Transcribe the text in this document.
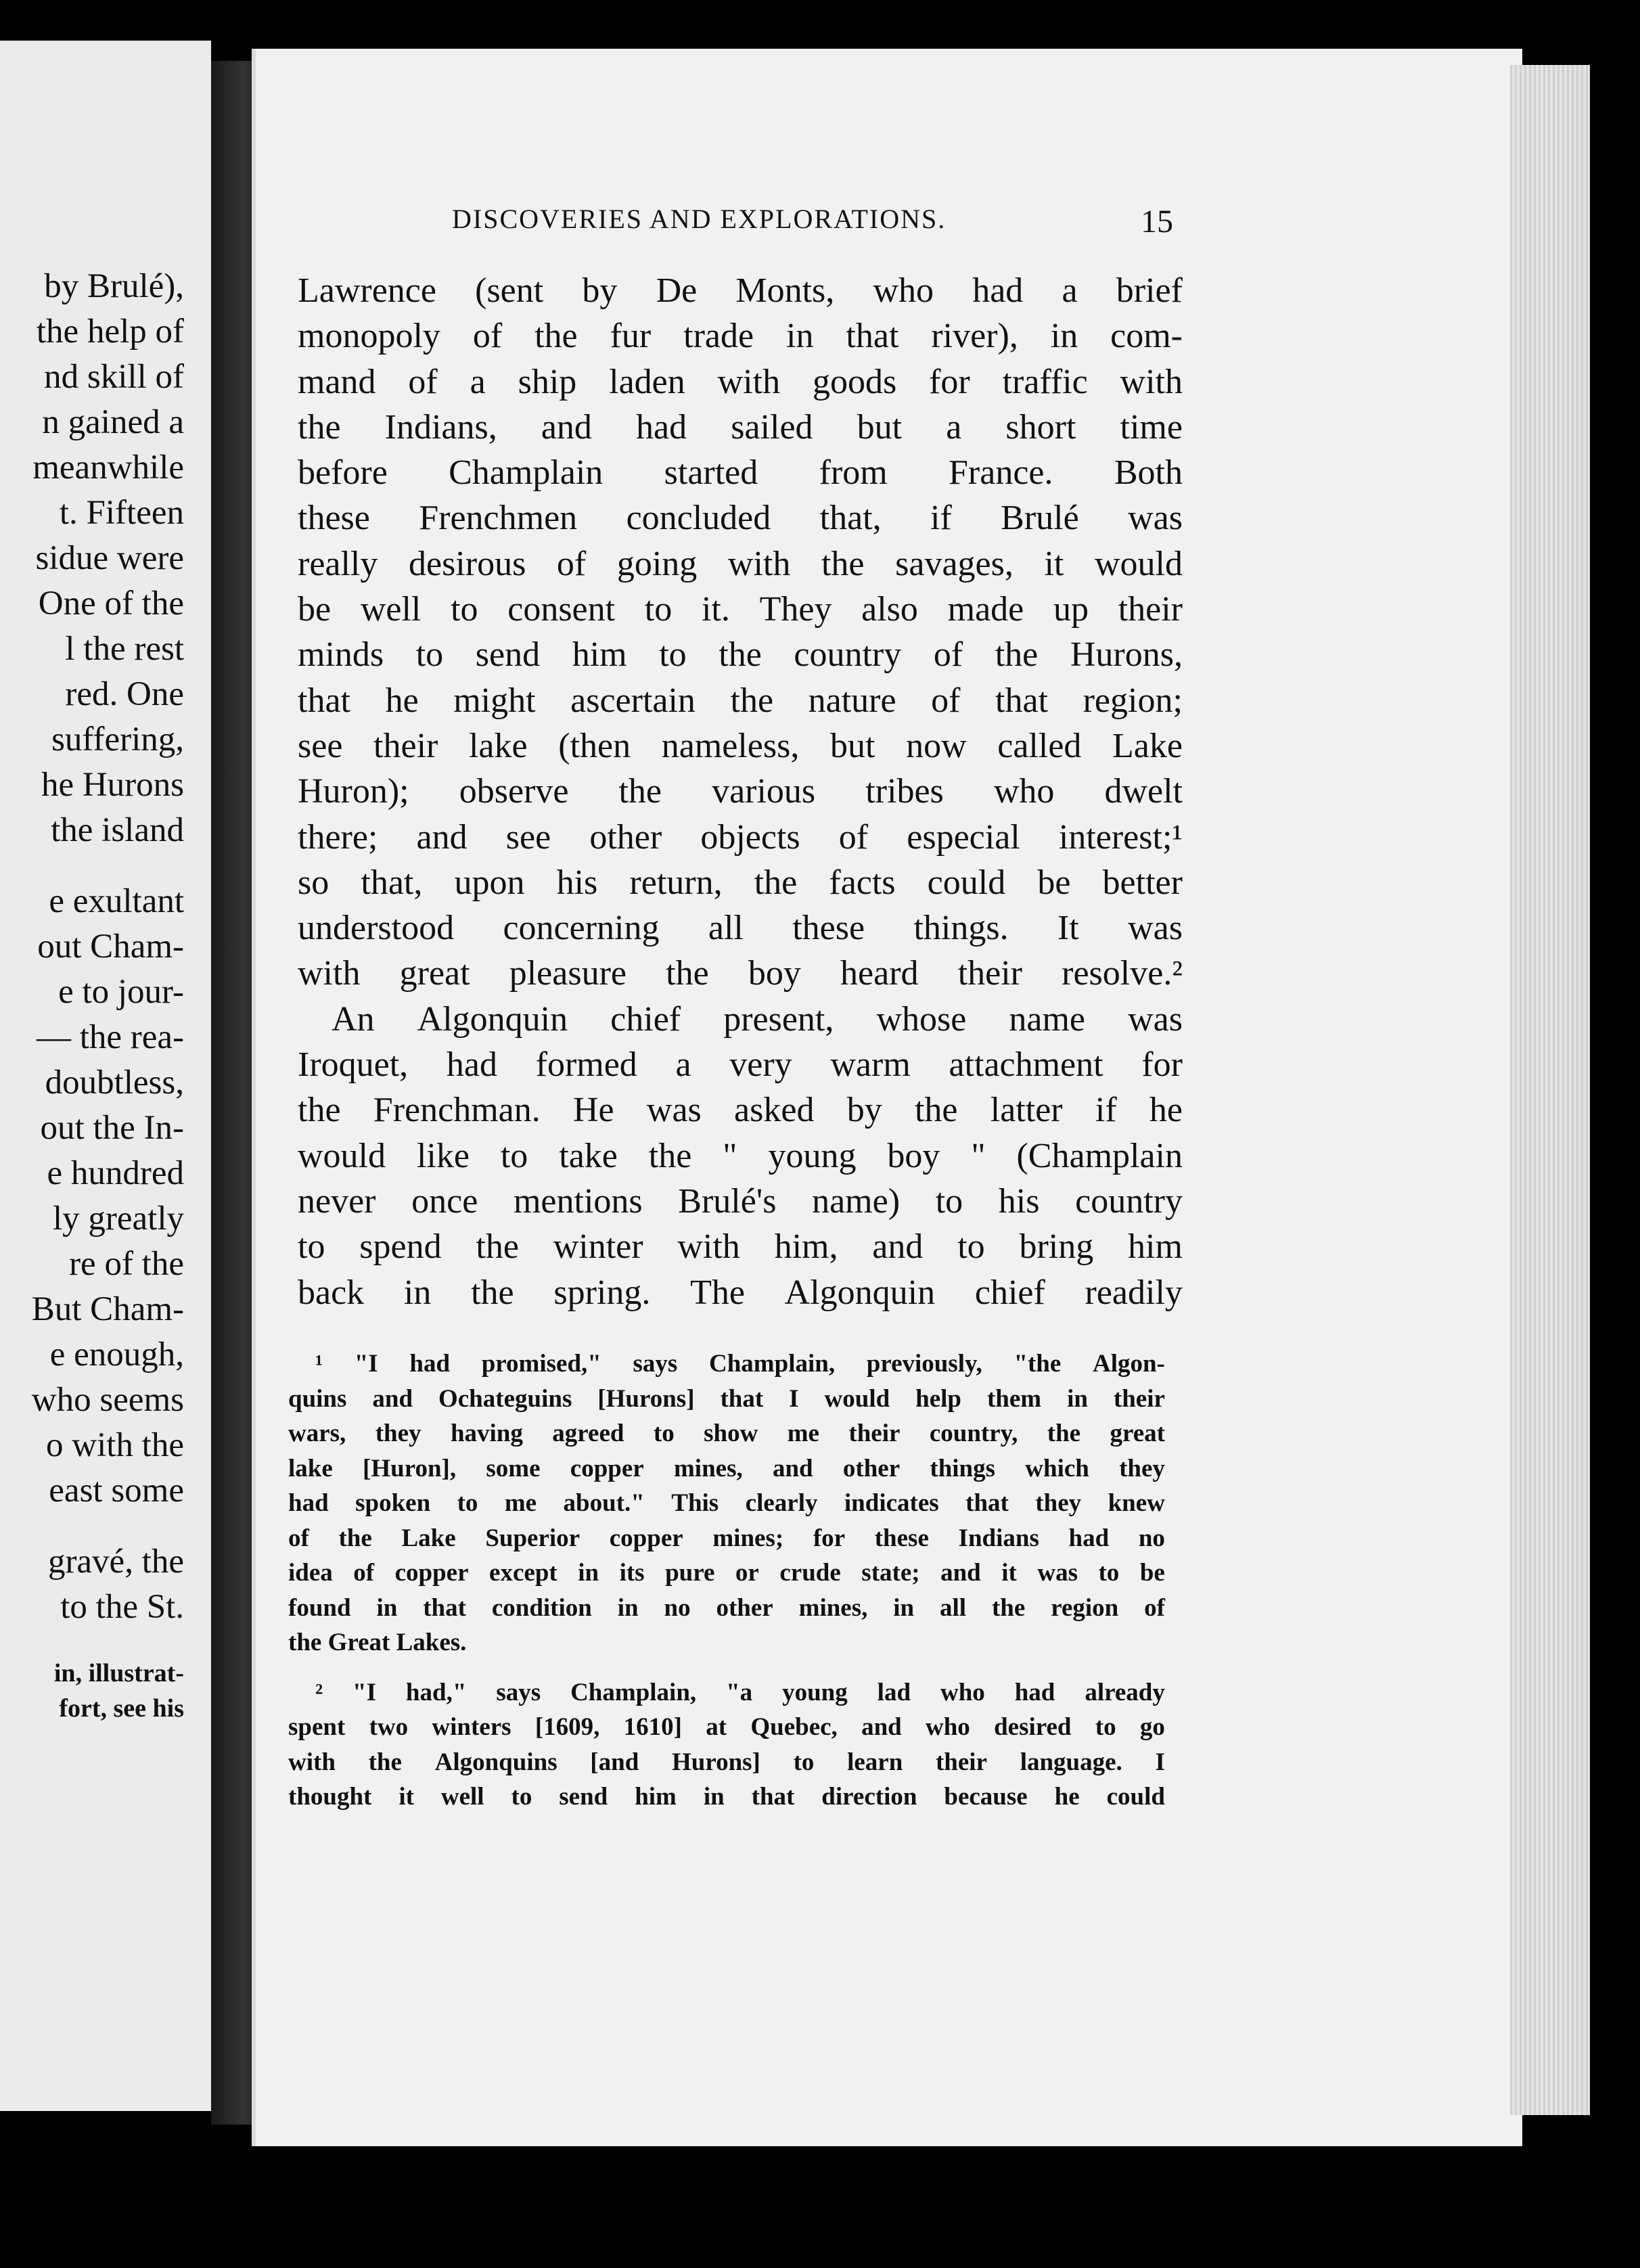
by Brulé),
the help of
nd skill of
n gained a
meanwhile
t. Fifteen
sidue were
One of the
l the rest
red. One
suffering,
he Hurons
the island
e exultant
out Cham-
e to jour-
— the rea-
doubtless,
out the In-
e hundred
ly greatly
re of the
But Cham-
e enough,
who seems
o with the
east some
gravé, the
to the St.
in, illustrat-
fort, see his
DISCOVERIES AND EXPLORATIONS.	15
Lawrence (sent by De Monts, who had a brief
monopoly of the fur trade in that river), in com-
mand of a ship laden with goods for traffic with
the Indians, and had sailed but a short time
before Champlain started from France. Both
these Frenchmen concluded that, if Brulé was
really desirous of going with the savages, it would
be well to consent to it. They also made up their
minds to send him to the country of the Hurons,
that he might ascertain the nature of that region;
see their lake (then nameless, but now called Lake
Huron); observe the various tribes who dwelt
there; and see other objects of especial interest;¹
so that, upon his return, the facts could be better
understood concerning all these things. It was
with great pleasure the boy heard their resolve.²
An Algonquin chief present, whose name was
Iroquet, had formed a very warm attachment for
the Frenchman. He was asked by the latter if he
would like to take the " young boy " (Champlain
never once mentions Brulé's name) to his country
to spend the winter with him, and to bring him
back in the spring. The Algonquin chief readily
¹ "I had promised," says Champlain, previously, "the Algon-
quins and Ochateguins [Hurons] that I would help them in their
wars, they having agreed to show me their country, the great
lake [Huron], some copper mines, and other things which they
had spoken to me about." This clearly indicates that they knew
of the Lake Superior copper mines; for these Indians had no
idea of copper except in its pure or crude state; and it was to be
found in that condition in no other mines, in all the region of
the Great Lakes.
² "I had," says Champlain, "a young lad who had already
spent two winters [1609, 1610] at Quebec, and who desired to go
with the Algonquins [and Hurons] to learn their language. I
thought it well to send him in that direction because he could
